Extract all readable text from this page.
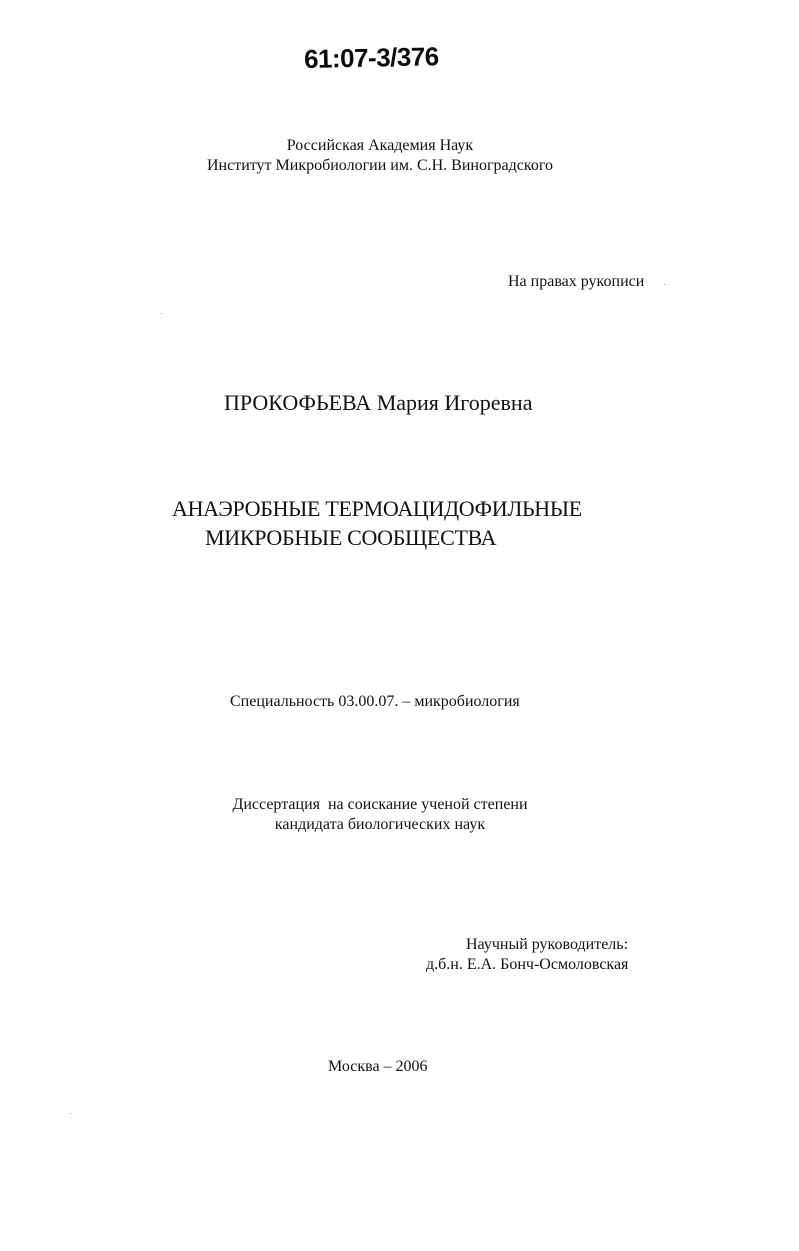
61:07-3/376
Российская Академия Наук
Институт Микробиологии им. С.Н. Виноградского
На правах рукописи
ПРОКОФЬЕВА Мария Игоревна
АНАЭРОБНЫЕ ТЕРМОАЦИДОФИЛЬНЫЕ
МИКРОБНЫЕ СООБЩЕСТВА
Специальность 03.00.07. – микробиология
Диссертация  на соискание ученой степени
кандидата биологических наук
Научный руководитель:
д.б.н. Е.А. Бонч-Осмоловская
Москва – 2006
